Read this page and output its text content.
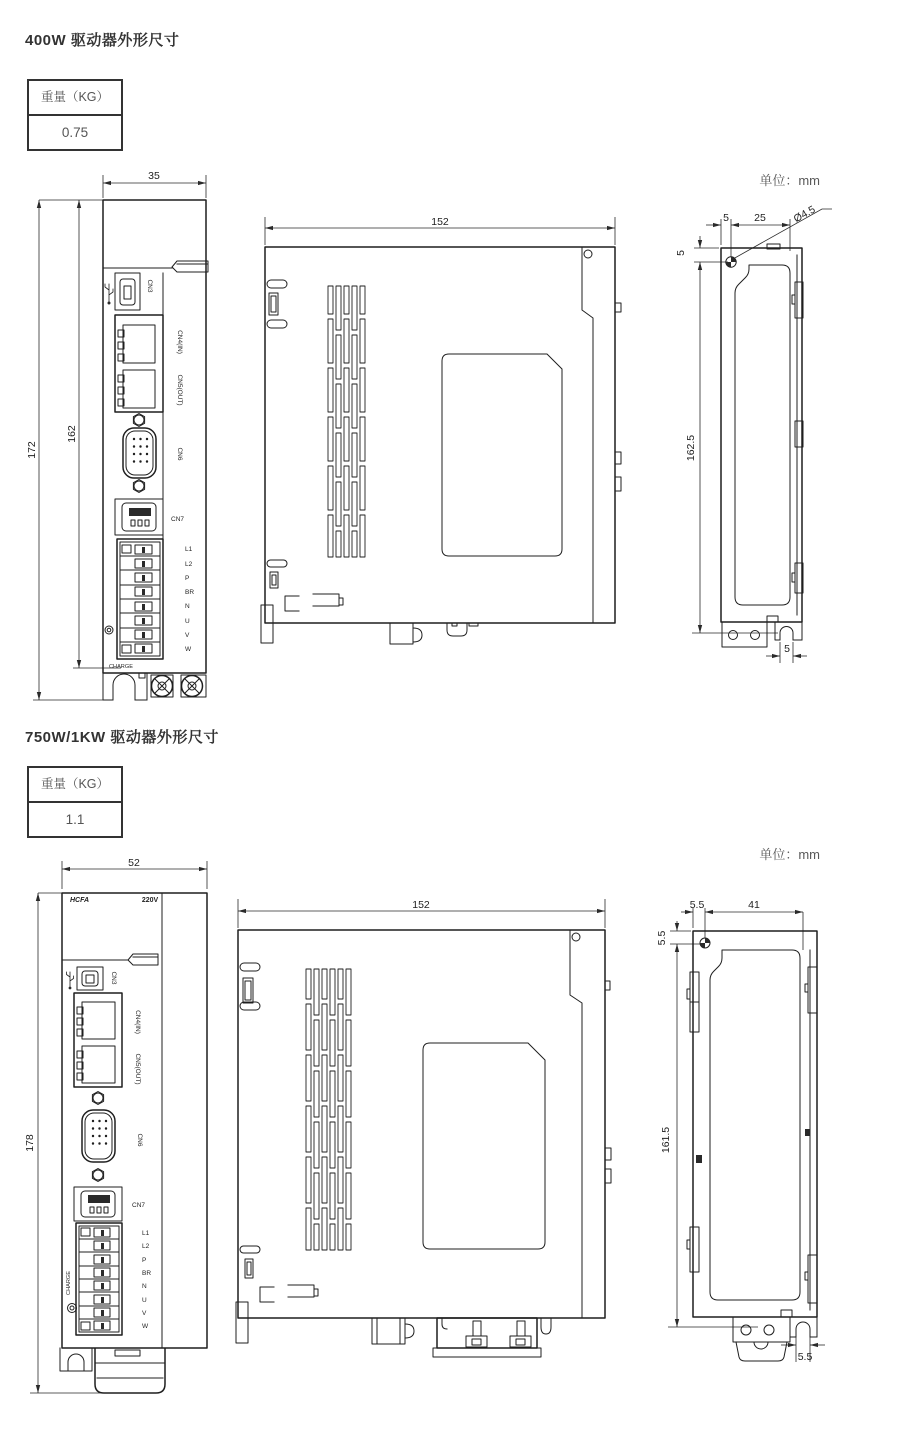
400W 驱动器外形尺寸
重量（KG）
0.75
单位：mm
35
172
162
CN3
CN4(IN)
CN5(OUT)
CN6
CN7
L1
L2
P
BR
N
U
V
W
CHARGE
152	5 25 Ø4.5
5
162.5
5
750W/1KW 驱动器外形尺寸
重量（KG）
1.1
单位：mm
52
178
HCFA	220V
CN3
CN4(IN)
CN5(OUT)
CN6
CN7
L1
L2
P
BR
N
U
V
W
CHARGE
152	5.5	41
5.5
161.5
5.5
